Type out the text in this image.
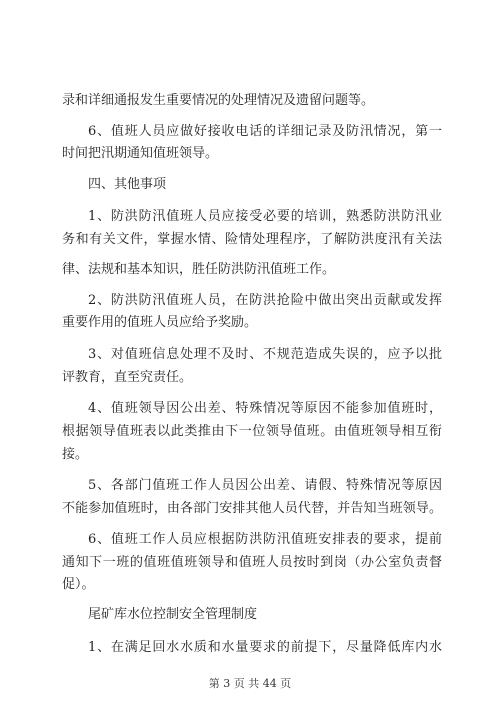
录和详细通报发生重要情况的处理情况及遗留问题等。
6、值班人员应做好接收电话的详细记录及防汛情况，第一
时间把汛期通知值班领导。
四、其他事项
1、防洪防汛值班人员应接受必要的培训，熟悉防洪防汛业
务和有关文件，掌握水情、险情处理程序，了解防洪度汛有关法
律、法规和基本知识，胜任防洪防汛值班工作。
2、防洪防汛值班人员，在防洪抢险中做出突出贡献或发挥
重要作用的值班人员应给予奖励。
3、对值班信息处理不及时、不规范造成失误的，应予以批
评教育，直至究责任。
4、值班领导因公出差、特殊情况等原因不能参加值班时，
根据领导值班表以此类推由下一位领导值班。由值班领导相互衔
接。
5、各部门值班工作人员因公出差、请假、特殊情况等原因
不能参加值班时，由各部门安排其他人员代替，并告知当班领导。
6、值班工作人员应根据防洪防汛值班安排表的要求，提前
通知下一班的值班值班领导和值班人员按时到岗（办公室负责督
促）。
尾矿库水位控制安全管理制度
1、在满足回水水质和水量要求的前提下，尽量降低库内水
第 3 页 共 44 页
